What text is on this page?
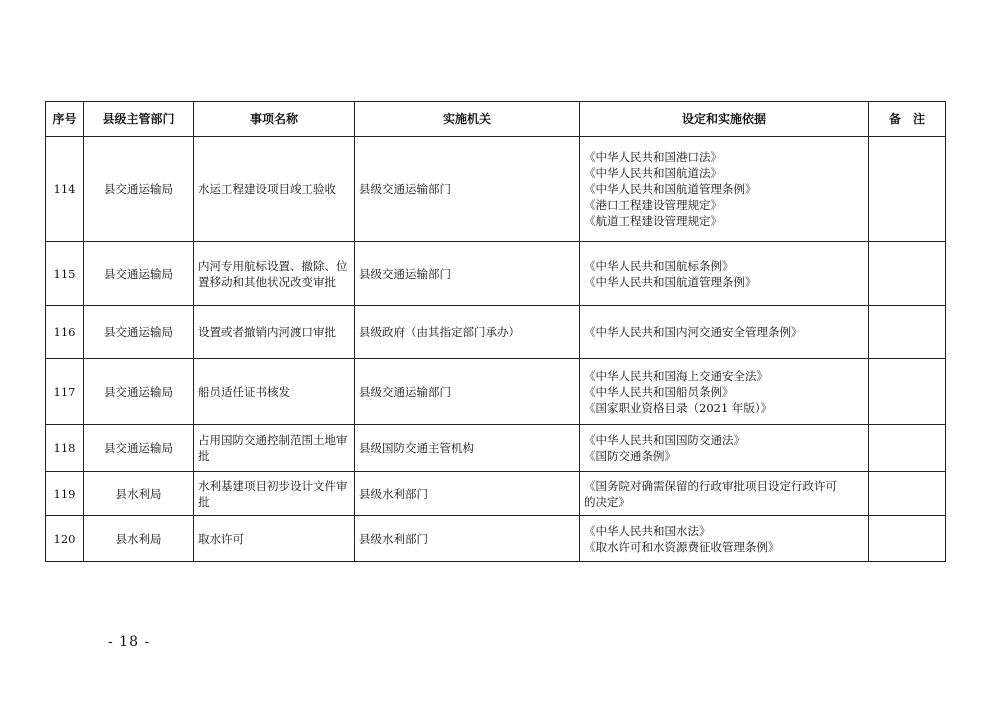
序号	县级主管部门	事项名称	实施机关	设定和实施依据	备　注
114	县交通运输局	水运工程建设项目竣工验收	县级交通运输部门	《中华人民共和国港口法》
《中华人民共和国航道法》
《中华人民共和国航道管理条例》
《港口工程建设管理规定》
《航道工程建设管理规定》	

115	县交通运输局	内河专用航标设置、撤除、位置移动和其他状况改变审批	县级交通运输部门	《中华人民共和国航标条例》
《中华人民共和国航道管理条例》	

116	县交通运输局	设置或者撤销内河渡口审批	县级政府（由其指定部门承办）	《中华人民共和国内河交通安全管理条例》	

117	县交通运输局	船员适任证书核发	县级交通运输部门	《中华人民共和国海上交通安全法》
《中华人民共和国船员条例》
《国家职业资格目录（2021 年版）》	

118	县交通运输局	占用国防交通控制范围土地审批	县级国防交通主管机构	《中华人民共和国国防交通法》
《国防交通条例》	

119	县水利局	水利基建项目初步设计文件审批	县级水利部门	《国务院对确需保留的行政审批项目设定行政许可
的决定》	

120	县水利局	取水许可	县级水利部门	《中华人民共和国水法》
《取水许可和水资源费征收管理条例》	

- 18 -
